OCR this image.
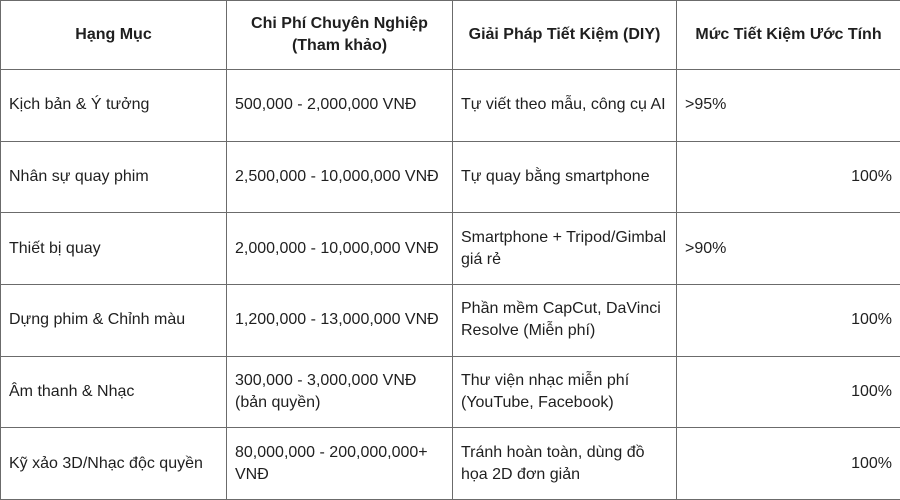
Hạng Mục	Chi Phí Chuyên Nghiệp (Tham khảo)	Giải Pháp Tiết Kiệm (DIY)	Mức Tiết Kiệm Ước Tính
Kịch bản & Ý tưởng	500,000 - 2,000,000 VNĐ	Tự viết theo mẫu, công cụ AI	>95%
Nhân sự quay phim	2,500,000 - 10,000,000 VNĐ	Tự quay bằng smartphone	100%
Thiết bị quay	2,000,000 - 10,000,000 VNĐ	Smartphone + Tripod/Gimbal giá rẻ	>90%
Dựng phim & Chỉnh màu	1,200,000 - 13,000,000 VNĐ	Phần mềm CapCut, DaVinci Resolve (Miễn phí)	100%
Âm thanh & Nhạc	300,000 - 3,000,000 VNĐ (bản quyền)	Thư viện nhạc miễn phí (YouTube, Facebook)	100%
Kỹ xảo 3D/Nhạc độc quyền	80,000,000 - 200,000,000+ VNĐ	Tránh hoàn toàn, dùng đồ họa 2D đơn giản	100%
